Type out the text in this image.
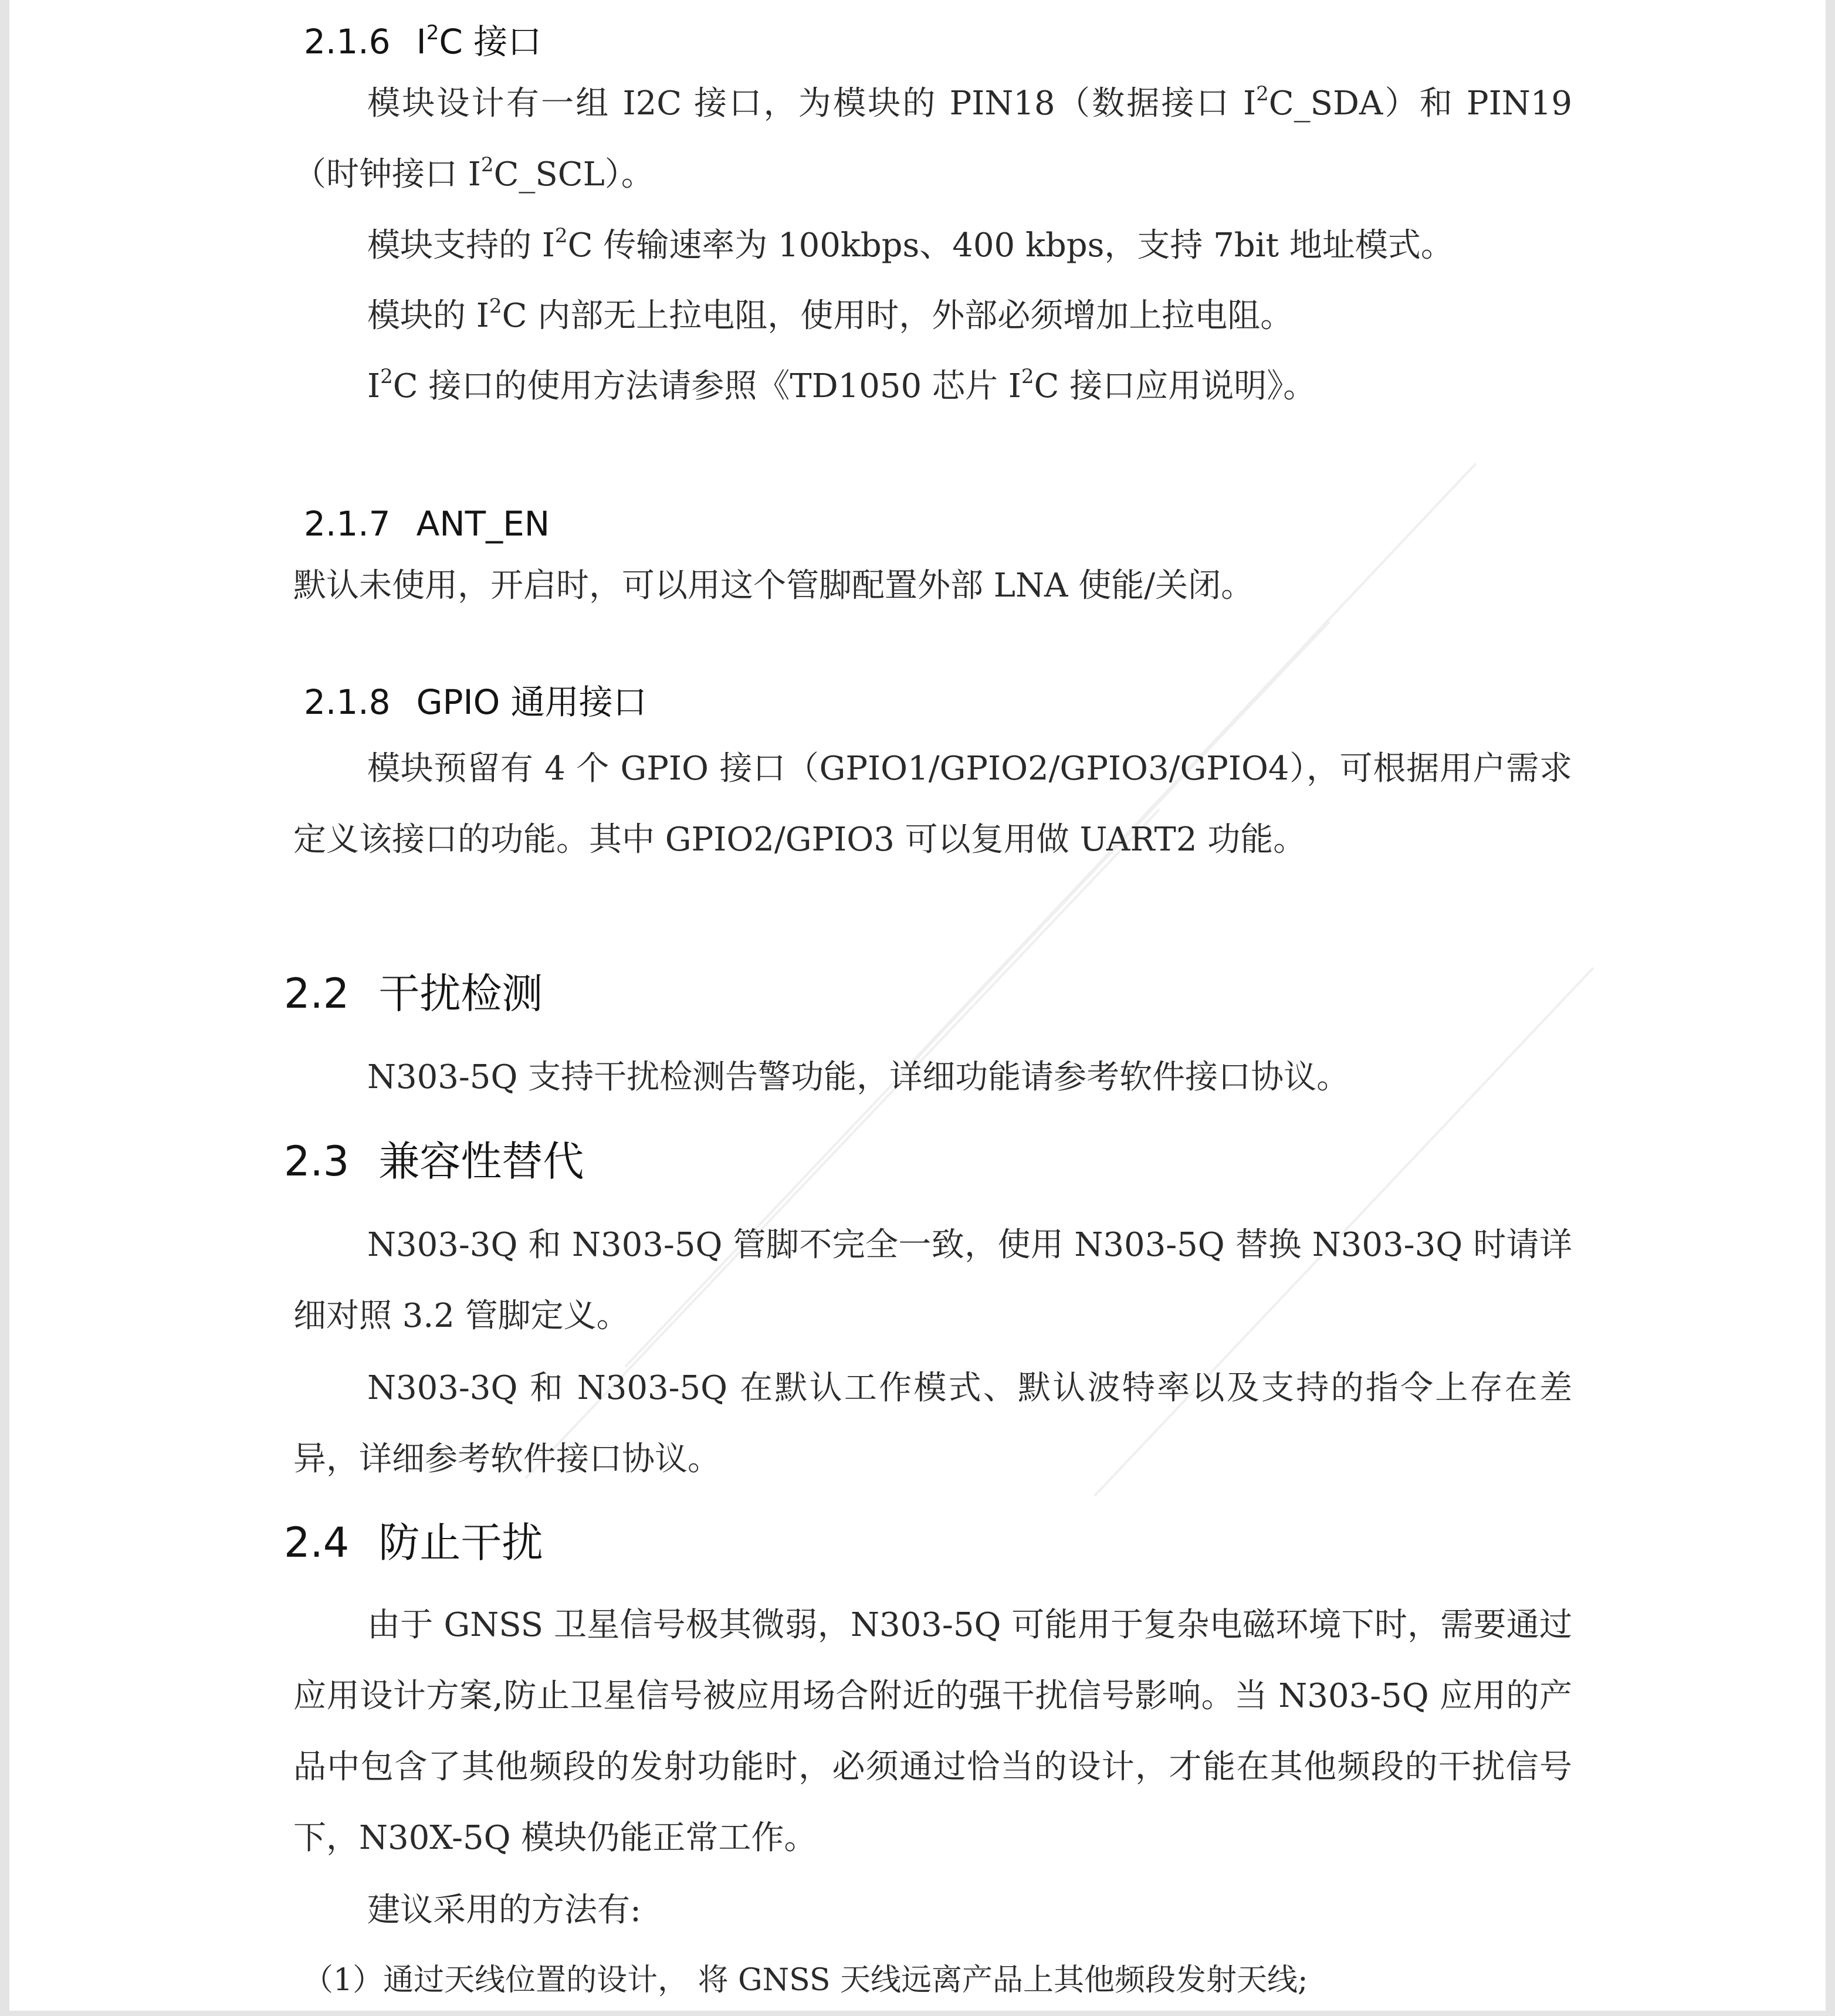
2.1.6 $I^2C$ 接口

模块设计有一组 I2C 接口，为模块的 PIN18（数据接口 $I^2C\_SDA$）和 PIN19（时钟接口 $I^2C\_SCL$）。

模块支持的 $I^2C$ 传输速率为 100kbps、400 kbps，支持 7bit 地址模式。

模块的 $I^2C$ 内部无上拉电阻，使用时，外部必须增加上拉电阻。

$I^2C$ 接口的使用方法请参照《TD1050 芯片 $I^2C$ 接口应用说明》。

2.1.7 ANT_EN

默认未使用，开启时，可以用这个管脚配置外部 LNA 使能/关闭。

2.1.8 GPIO 通用接口

模块预留有 4 个 GPIO 接口（GPIO1/GPIO2/GPIO3/GPIO4），可根据用户需求定义该接口的功能。其中 GPIO2/GPIO3 可以复用做 UART2 功能。

2.2 干扰检测

N303-5Q 支持干扰检测告警功能，详细功能请参考软件接口协议。

2.3 兼容性替代

N303-3Q 和 N303-5Q 管脚不完全一致，使用 N303-5Q 替换 N303-3Q 时请详细对照 3.2 管脚定义。

N303-3Q 和 N303-5Q 在默认工作模式、默认波特率以及支持的指令上存在差异，详细参考软件接口协议。

2.4 防止干扰

由于 GNSS 卫星信号极其微弱，N303-5Q 可能用于复杂电磁环境下时，需要通过应用设计方案,防止卫星信号被应用场合附近的强干扰信号影响。当 N303-5Q 应用的产品中包含了其他频段的发射功能时，必须通过恰当的设计，才能在其他频段的干扰信号下，N30X-5Q 模块仍能正常工作。

建议采用的方法有:

（1）通过天线位置的设计， 将 GNSS 天线远离产品上其他频段发射天线;
